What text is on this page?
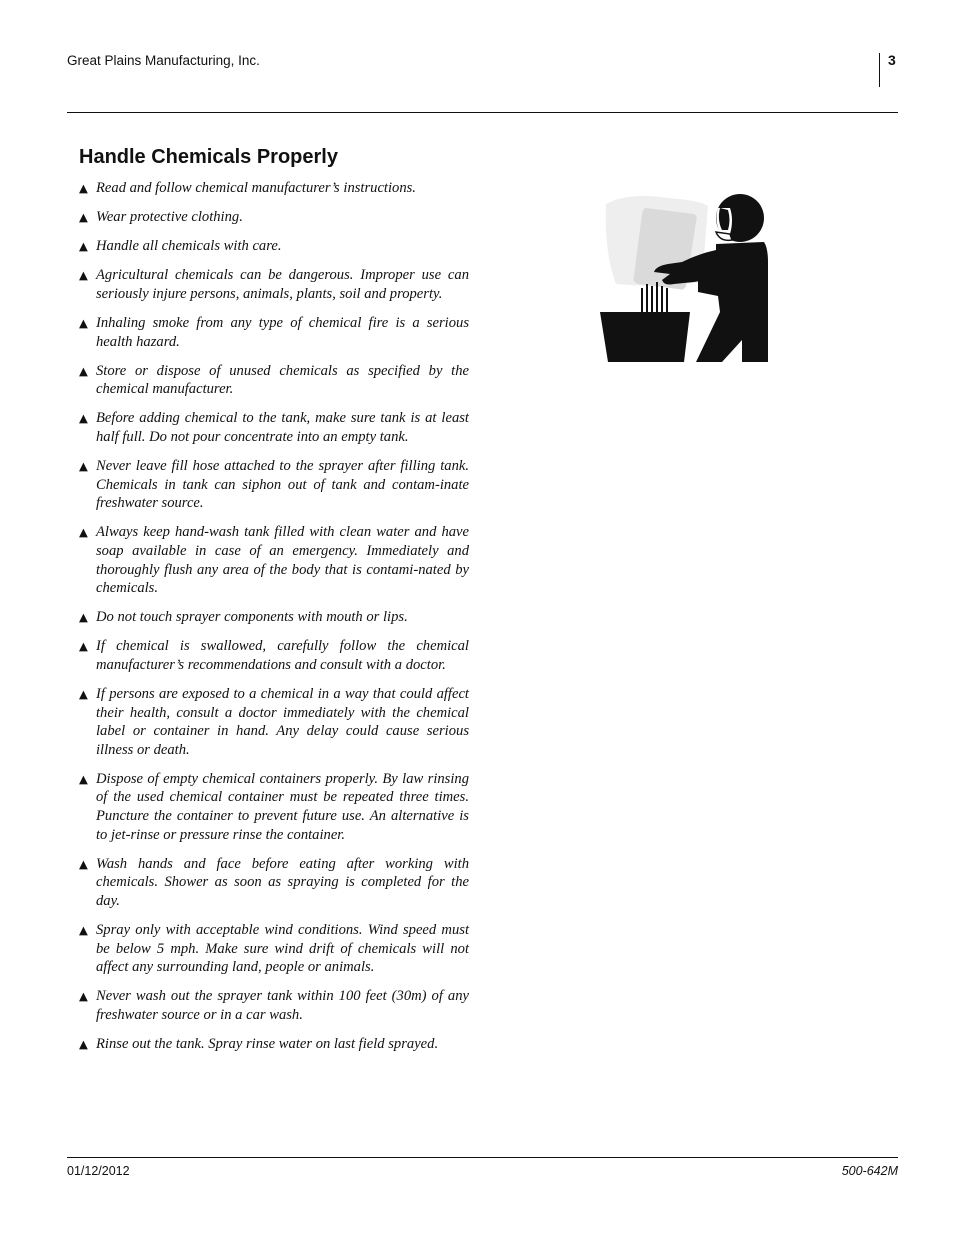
Great Plains Manufacturing, Inc.	3
Handle Chemicals Properly
▲ Read and follow chemical manufacturer’s instructions.
▲ Wear protective clothing.
▲ Handle all chemicals with care.
▲ Agricultural chemicals can be dangerous. Improper use can seriously injure persons, animals, plants, soil and property.
▲ Inhaling smoke from any type of chemical fire is a serious health hazard.
▲ Store or dispose of unused chemicals as specified by the chemical manufacturer.
▲ Before adding chemical to the tank, make sure tank is at least half full. Do not pour concentrate into an empty tank.
▲ Never leave fill hose attached to the sprayer after filling tank. Chemicals in tank can siphon out of tank and contam-inate freshwater source.
▲ Always keep hand-wash tank filled with clean water and have soap available in case of an emergency. Immediately and thoroughly flush any area of the body that is contami-nated by chemicals.
▲ Do not touch sprayer components with mouth or lips.
▲ If chemical is swallowed, carefully follow the chemical manufacturer’s recommendations and consult with a doctor.
▲ If persons are exposed to a chemical in a way that could affect their health, consult a doctor immediately with the chemical label or container in hand. Any delay could cause serious illness or death.
▲ Dispose of empty chemical containers properly. By law rinsing of the used chemical container must be repeated three times. Puncture the container to prevent future use. An alternative is to jet-rinse or pressure rinse the container.
▲ Wash hands and face before eating after working with chemicals. Shower as soon as spraying is completed for the day.
▲ Spray only with acceptable wind conditions. Wind speed must be below 5 mph. Make sure wind drift of chemicals will not affect any surrounding land, people or animals.
▲ Never wash out the sprayer tank within 100 feet (30m) of any freshwater source or in a car wash.
▲ Rinse out the tank. Spray rinse water on last field sprayed.
01/12/2012	500-642M
